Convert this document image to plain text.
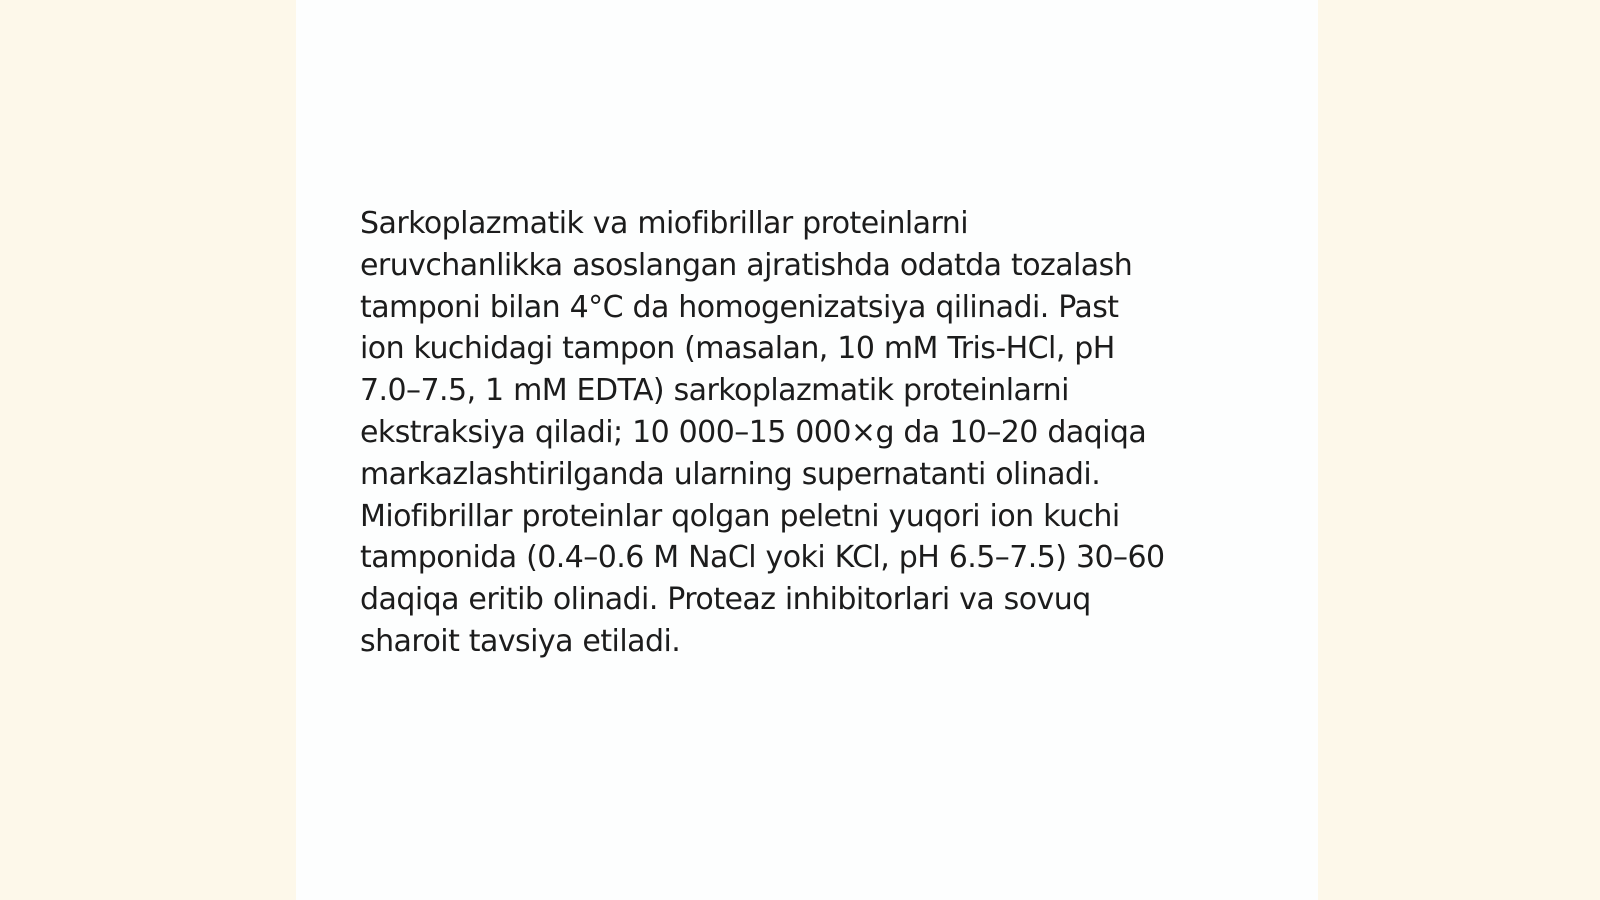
Sarkoplazmatik va miofibrillar proteinlarni
eruvchanlikka asoslangan ajratishda odatda tozalash
tamponi bilan 4°C da homogenizatsiya qilinadi. Past
ion kuchidagi tampon (masalan, 10 mM Tris-HCl, pH
7.0–7.5, 1 mM EDTA) sarkoplazmatik proteinlarni
ekstraksiya qiladi; 10 000–15 000×g da 10–20 daqiqa
markazlashtirilganda ularning supernatanti olinadi.
Miofibrillar proteinlar qolgan peletni yuqori ion kuchi
tamponida (0.4–0.6 M NaCl yoki KCl, pH 6.5–7.5) 30–60
daqiqa eritib olinadi. Proteaz inhibitorlari va sovuq
sharoit tavsiya etiladi.
